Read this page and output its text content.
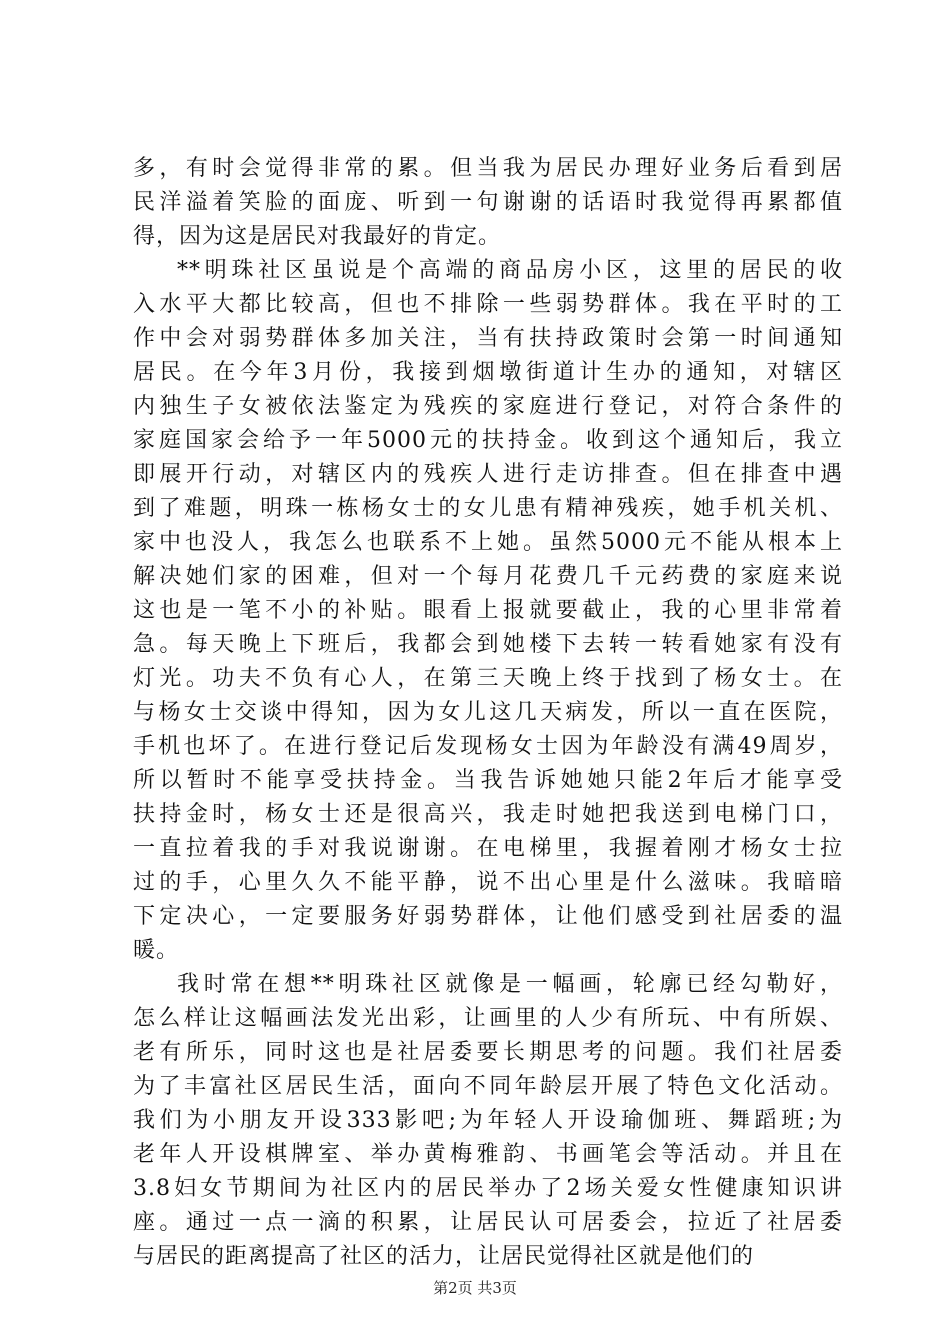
多，有时会觉得非常的累。但当我为居民办理好业务后看到居
民洋溢着笑脸的面庞、听到一句谢谢的话语时我觉得再累都值
得，因为这是居民对我最好的肯定。
**明珠社区虽说是个高端的商品房小区，这里的居民的收
入水平大都比较高，但也不排除一些弱势群体。我在平时的工
作中会对弱势群体多加关注，当有扶持政策时会第一时间通知
居民。在今年3月份，我接到烟墩街道计生办的通知，对辖区
内独生子女被依法鉴定为残疾的家庭进行登记，对符合条件的
家庭国家会给予一年5000元的扶持金。收到这个通知后，我立
即展开行动，对辖区内的残疾人进行走访排查。但在排查中遇
到了难题，明珠一栋杨女士的女儿患有精神残疾，她手机关机、
家中也没人，我怎么也联系不上她。虽然5000元不能从根本上
解决她们家的困难，但对一个每月花费几千元药费的家庭来说
这也是一笔不小的补贴。眼看上报就要截止，我的心里非常着
急。每天晚上下班后，我都会到她楼下去转一转看她家有没有
灯光。功夫不负有心人，在第三天晚上终于找到了杨女士。在
与杨女士交谈中得知，因为女儿这几天病发，所以一直在医院，
手机也坏了。在进行登记后发现杨女士因为年龄没有满49周岁，
所以暂时不能享受扶持金。当我告诉她她只能2年后才能享受
扶持金时，杨女士还是很高兴，我走时她把我送到电梯门口，
一直拉着我的手对我说谢谢。在电梯里，我握着刚才杨女士拉
过的手，心里久久不能平静，说不出心里是什么滋味。我暗暗
下定决心，一定要服务好弱势群体，让他们感受到社居委的温
暖。
我时常在想**明珠社区就像是一幅画，轮廓已经勾勒好，
怎么样让这幅画法发光出彩，让画里的人少有所玩、中有所娱、
老有所乐，同时这也是社居委要长期思考的问题。我们社居委
为了丰富社区居民生活，面向不同年龄层开展了特色文化活动。
我们为小朋友开设333影吧;为年轻人开设瑜伽班、舞蹈班;为
老年人开设棋牌室、举办黄梅雅韵、书画笔会等活动。并且在
3.8妇女节期间为社区内的居民举办了2场关爱女性健康知识讲
座。通过一点一滴的积累，让居民认可居委会，拉近了社居委
与居民的距离提高了社区的活力，让居民觉得社区就是他们的
第2页 共3页
